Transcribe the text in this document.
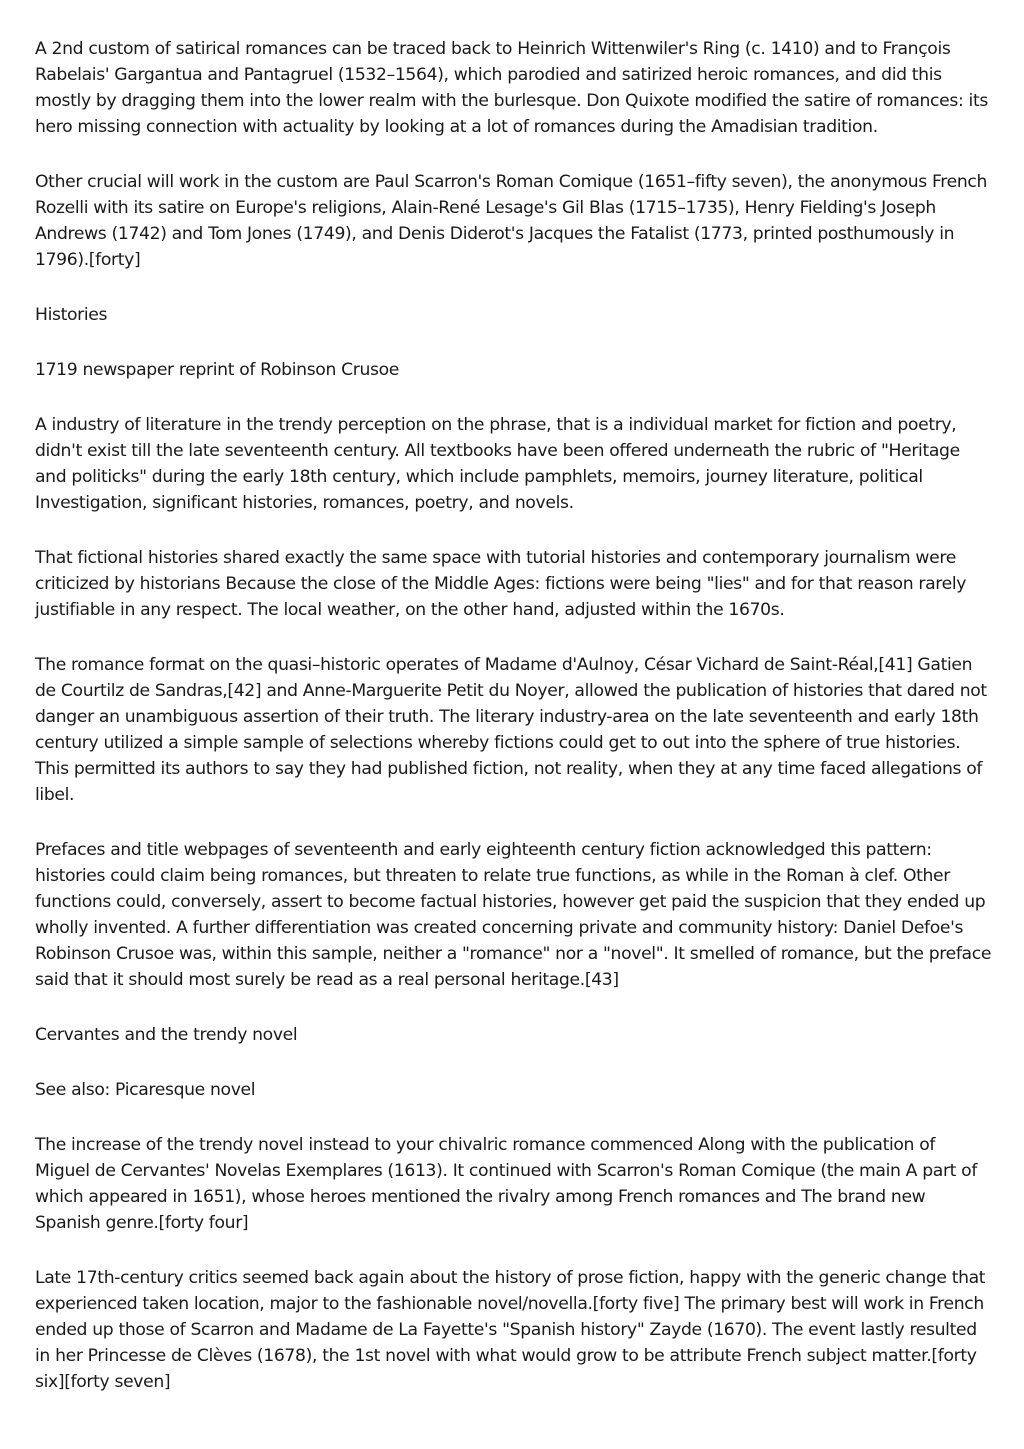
A 2nd custom of satirical romances can be traced back to Heinrich Wittenwiler's Ring (c. 1410) and to François Rabelais' Gargantua and Pantagruel (1532–1564), which parodied and satirized heroic romances, and did this mostly by dragging them into the lower realm with the burlesque. Don Quixote modified the satire of romances: its hero missing connection with actuality by looking at a lot of romances during the Amadisian tradition.

Other crucial will work in the custom are Paul Scarron's Roman Comique (1651–fifty seven), the anonymous French Rozelli with its satire on Europe's religions, Alain-René Lesage's Gil Blas (1715–1735), Henry Fielding's Joseph Andrews (1742) and Tom Jones (1749), and Denis Diderot's Jacques the Fatalist (1773, printed posthumously in 1796).[forty]

Histories

1719 newspaper reprint of Robinson Crusoe

A industry of literature in the trendy perception on the phrase, that is a individual market for fiction and poetry, didn't exist till the late seventeenth century. All textbooks have been offered underneath the rubric of "Heritage and politicks" during the early 18th century, which include pamphlets, memoirs, journey literature, political Investigation, significant histories, romances, poetry, and novels.

That fictional histories shared exactly the same space with tutorial histories and contemporary journalism were criticized by historians Because the close of the Middle Ages: fictions were being "lies" and for that reason rarely justifiable in any respect. The local weather, on the other hand, adjusted within the 1670s.

The romance format on the quasi–historic operates of Madame d'Aulnoy, César Vichard de Saint-Réal,[41] Gatien de Courtilz de Sandras,[42] and Anne-Marguerite Petit du Noyer, allowed the publication of histories that dared not danger an unambiguous assertion of their truth. The literary industry-area on the late seventeenth and early 18th century utilized a simple sample of selections whereby fictions could get to out into the sphere of true histories. This permitted its authors to say they had published fiction, not reality, when they at any time faced allegations of libel.

Prefaces and title webpages of seventeenth and early eighteenth century fiction acknowledged this pattern: histories could claim being romances, but threaten to relate true functions, as while in the Roman à clef. Other functions could, conversely, assert to become factual histories, however get paid the suspicion that they ended up wholly invented. A further differentiation was created concerning private and community history: Daniel Defoe's Robinson Crusoe was, within this sample, neither a "romance" nor a "novel". It smelled of romance, but the preface said that it should most surely be read as a real personal heritage.[43]

Cervantes and the trendy novel

See also: Picaresque novel

The increase of the trendy novel instead to your chivalric romance commenced Along with the publication of Miguel de Cervantes' Novelas Exemplares (1613). It continued with Scarron's Roman Comique (the main A part of which appeared in 1651), whose heroes mentioned the rivalry among French romances and The brand new Spanish genre.[forty four]

Late 17th-century critics seemed back again about the history of prose fiction, happy with the generic change that experienced taken location, major to the fashionable novel/novella.[forty five] The primary best will work in French ended up those of Scarron and Madame de La Fayette's "Spanish history" Zayde (1670). The event lastly resulted in her Princesse de Clèves (1678), the 1st novel with what would grow to be attribute French subject matter.[forty six][forty seven]
